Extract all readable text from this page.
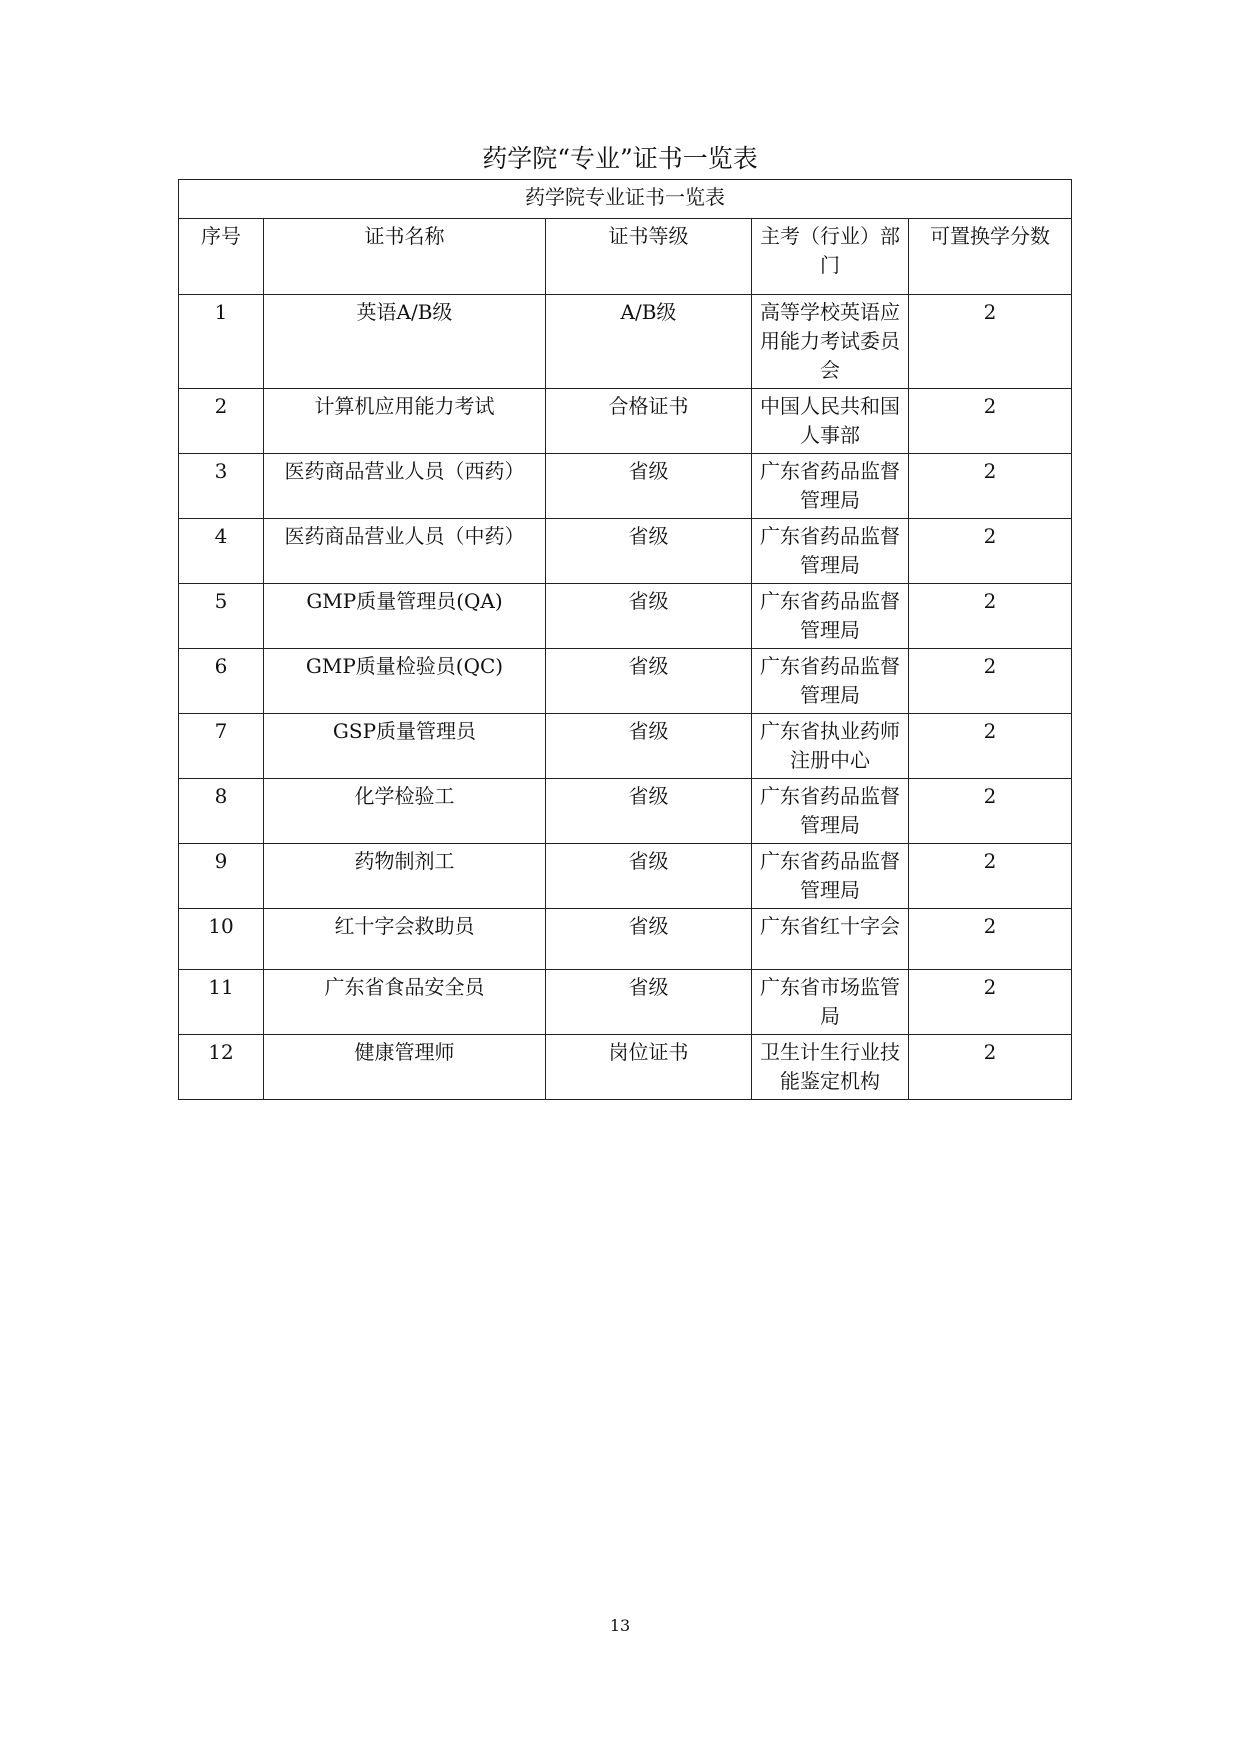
药学院“专业”证书一览表
药学院专业证书一览表				
序号	证书名称	证书等级	主考（行业）部门	可置换学分数
1	英语A/B级	A/B级	高等学校英语应用能力考试委员会	2
2	计算机应用能力考试	合格证书	中国人民共和国人事部	2
3	医药商品营业人员（西药）	省级	广东省药品监督管理局	2
4	医药商品营业人员（中药）	省级	广东省药品监督管理局	2
5	GMP质量管理员(QA)	省级	广东省药品监督管理局	2
6	GMP质量检验员(QC)	省级	广东省药品监督管理局	2
7	GSP质量管理员	省级	广东省执业药师注册中心	2
8	化学检验工	省级	广东省药品监督管理局	2
9	药物制剂工	省级	广东省药品监督管理局	2
10	红十字会救助员	省级	广东省红十字会	2
11	广东省食品安全员	省级	广东省市场监管局	2
12	健康管理师	岗位证书	卫生计生行业技能鉴定机构	2
13
